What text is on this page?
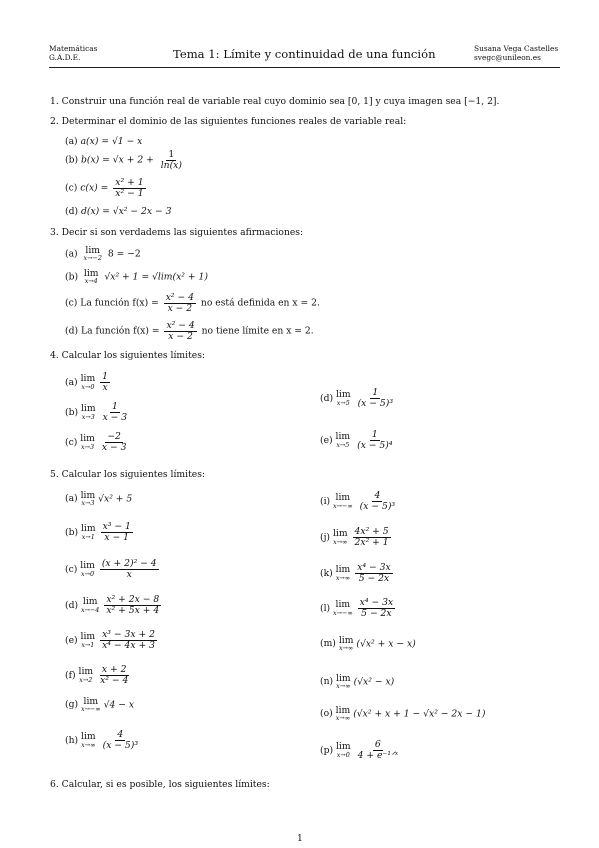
Matemáticas
G.A.D.E.	Tema 1: Límite y continuidad de una función	Susana Vega Castelles
svegc@unileon.es
1. Construir una función real de variable real cuyo dominio sea [0, 1] y cuya imagen sea [−1, 2].
2. Determinar el dominio de las siguientes funciones reales de variable real:
(a) a(x) = √1 − x
(b) $b(x) = √x + 2 + \frac{1}{\ln(x)}$
(c) $c(x) = \frac{\text{x² + 1}}{\text{x² − 1}}$
(d) d(x) = √x² − 2x − 3
3. Decir si son verdadems las siguientes afirmaciones:
(a) lim
x→−2 8 = −2
(b) lim
x→4 √x² + 1 = √lim(x² + 1)
(c) La función $f(x) = \frac{\text{x² − 4}}{x - 2}$ no está definida en x = 2.
(d) La función $f(x) = \frac{\text{x² − 4}}{x - 2}$ no tiene límite en x = 2.
4. Calcular los siguientes límites:
(a) lim
$x\to 0 \frac{1}{x}$
(b) lim
$x\to 3 \frac{1}{x - 3}$
(c) lim
$x\to 3 \frac{-2}{x - 3}$
(d) lim
$x\to 5 \frac{1}{\text{(x − 5)³}}$
(e) lim
$x\to 5 \frac{1}{\text{(x − 5)⁴}}$
5. Calcular los siguientes límites:
(a) lim
x→3 √x² + 5
(b) lim
$x\to 1 \frac{\text{x³ − 1}}{x - 1}$
(c) lim
$x\to 0 \frac{\text{(x + 2)² − 4}}{x}$
(d) lim
$x\to-4 \frac{\text{x² + 2x − 8}}{\text{x² + 5x + 4}}$
(e) lim
$x\to 1 \frac{\text{x³ − 3x + 2}}{\text{x⁴ − 4x + 3}}$
(f) lim
$x\to 2 \frac{x + 2}{\text{x² − 4}}$
(g) lim
x→−∞ √4 − x
(h) lim
$x\to\infty \frac{4}{\text{(x − 5)³}}$
(i) lim
$x\to-\infty \frac{4}{\text{(x − 5)³}}$
(j) lim
$x\to\infty \frac{\text{4x² + 5}}{\text{2x² + 1}}$
(k) lim
$x\to\infty \frac{\text{x⁴ − 3x}}{5 - 2x}$
(l) lim
$x\to-\infty \frac{\text{x⁴ − 3x}}{5 - 2x}$
(m) lim
x→∞ (√x² + x − x)
(n) lim
x→∞ (√x² − x)
(o) lim
x→∞ (√x² + x + 1 − √x² − 2x − 1)
(p) lim
$x\to 0 \frac{6}{\text{4 + e⁻¹ᐟˣ}}$
6. Calcular, si es posible, los siguientes límites:
1
